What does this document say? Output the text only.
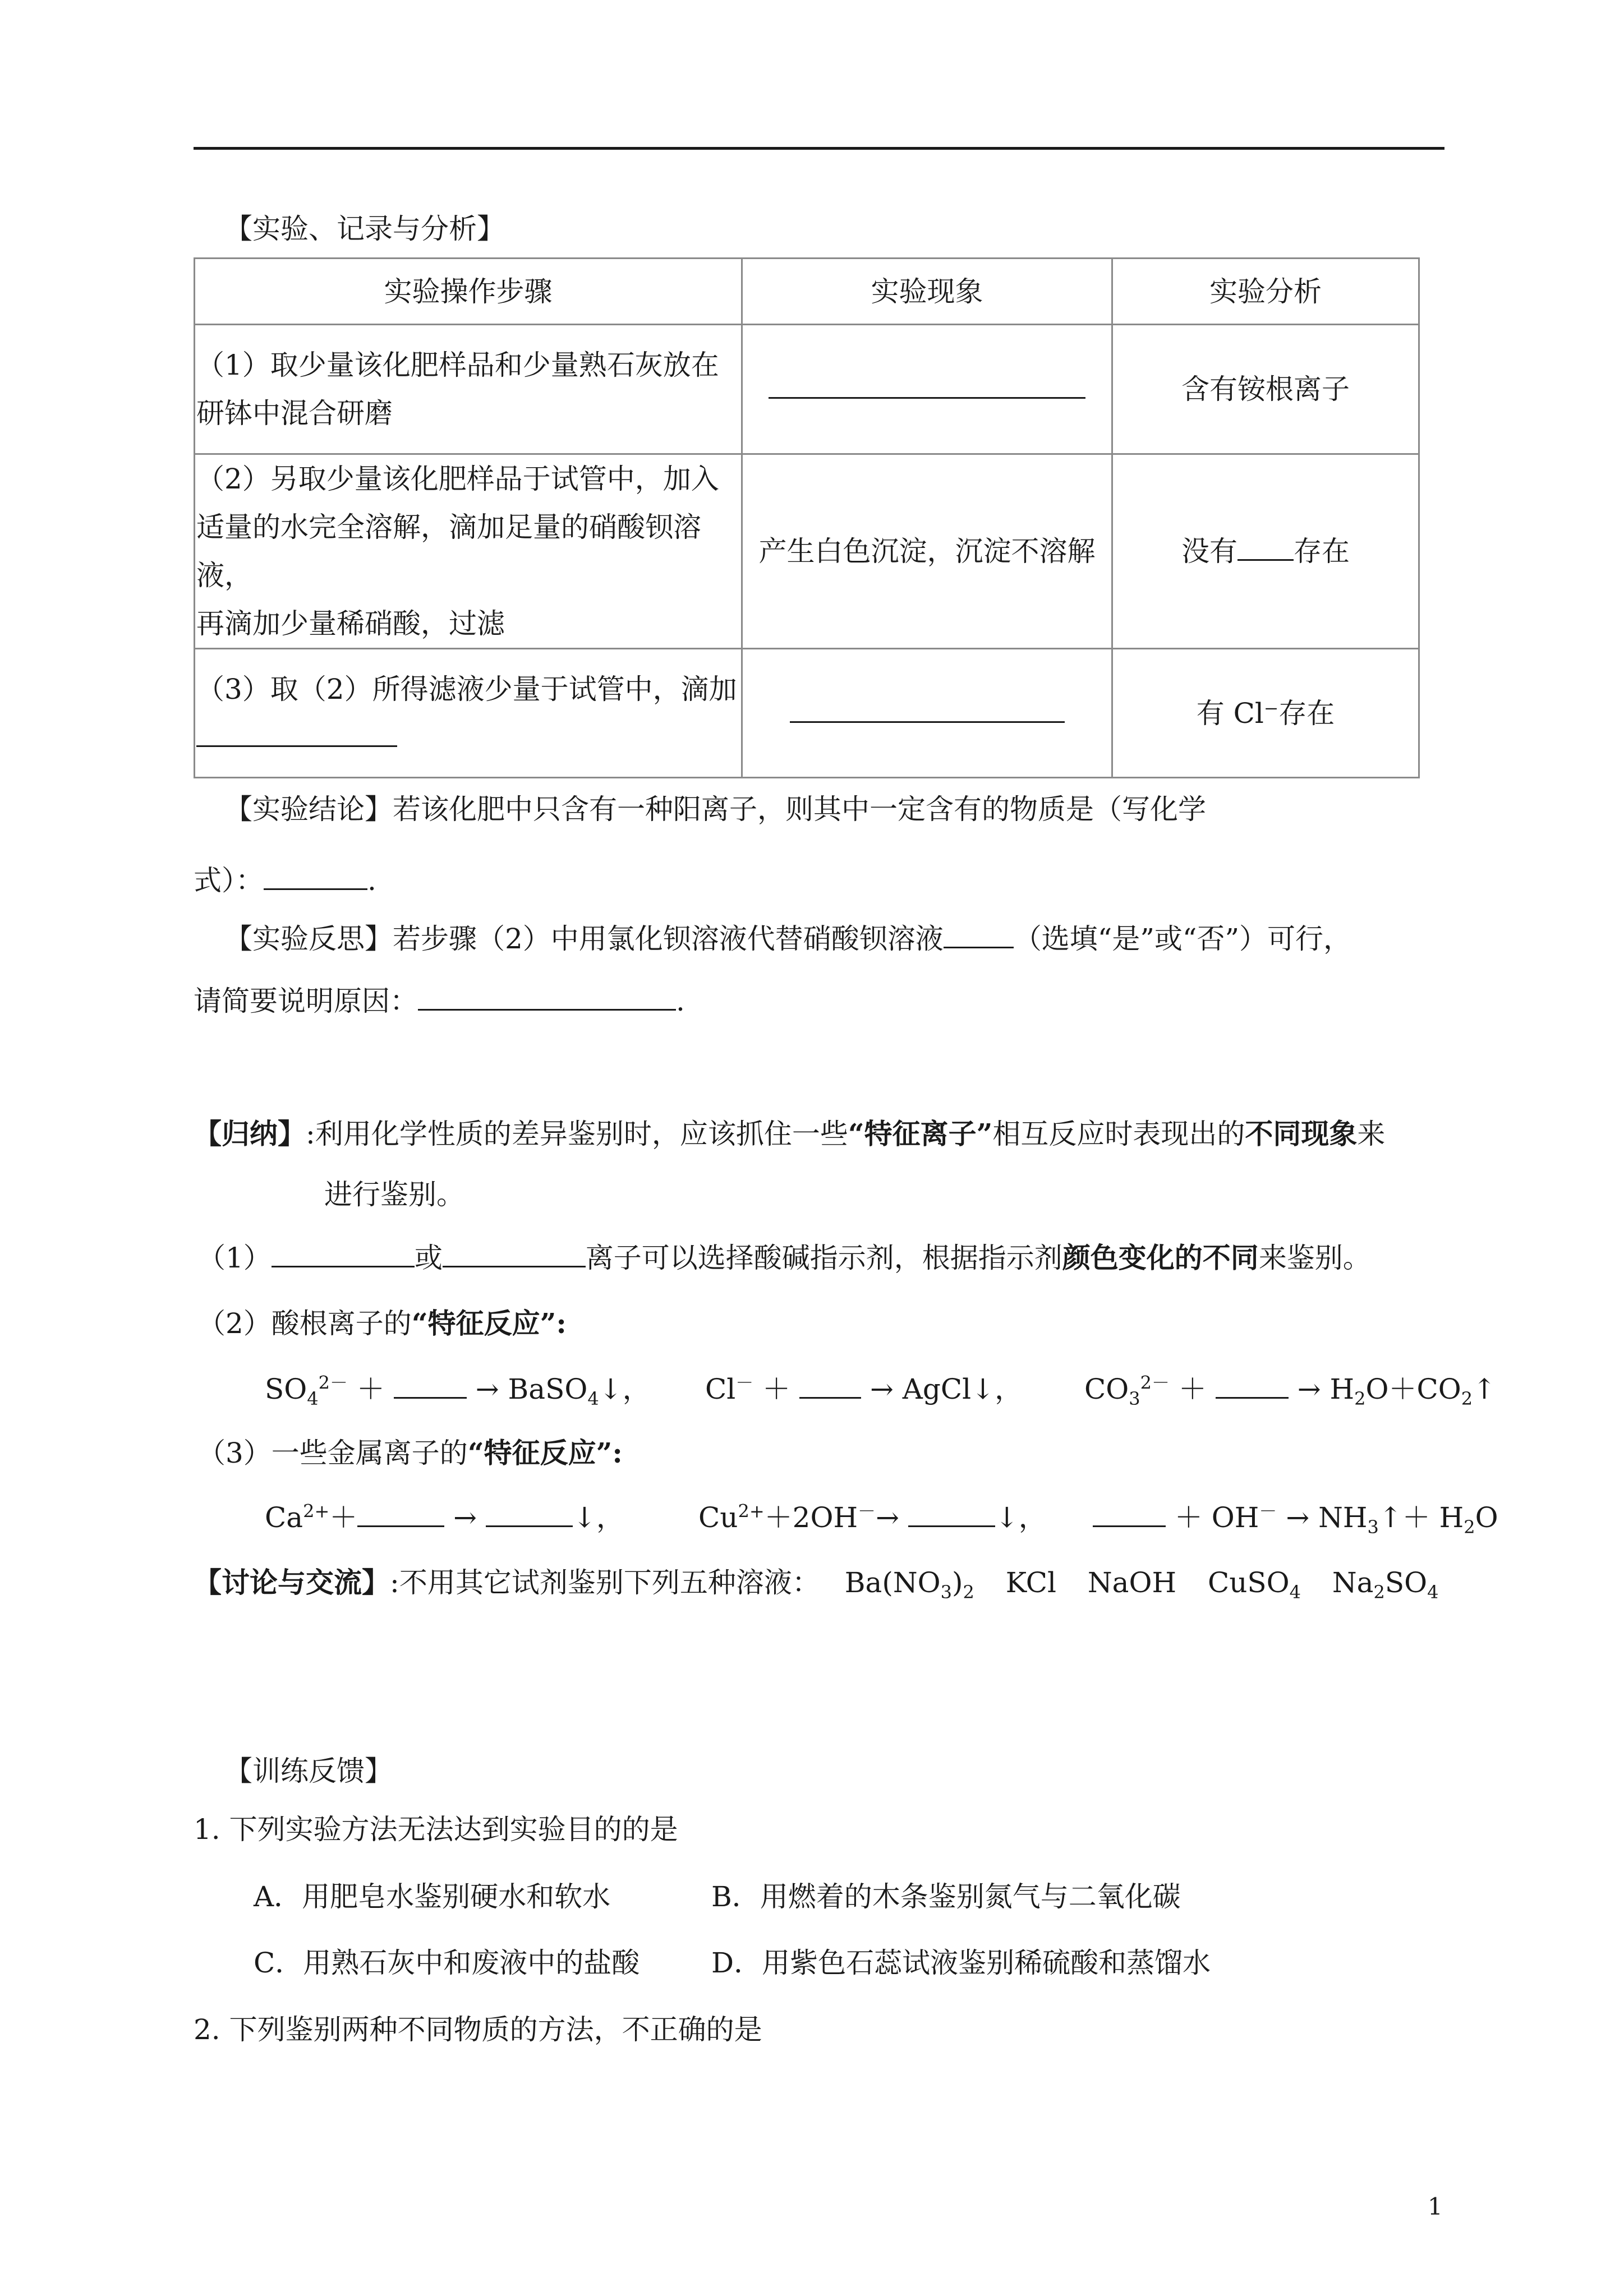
【实验、记录与分析】
实验操作步骤	实验现象	实验分析

（1）取少量该化肥样品和少量熟石灰放在
研钵中混合研磨		含有铵根离子

（2）另取少量该化肥样品于试管中，加入
适量的水完全溶解，滴加足量的硝酸钡溶液，
再滴加少量稀硝酸，过滤	产生白色沉淀，沉淀不溶解	没有 存在

（3）取（2）所得滤液少量于试管中，滴加		有 Cl⁻存在
【实验结论】若该化肥中只含有一种阳离子，则其中一定含有的物质是（写化学
式）：	.
【实验反思】若步骤（2）中用氯化钡溶液代替硝酸钡溶液	（选填“是”或“否”）可行，
请简要说明原因：	.
【归纳】:利用化学性质的差异鉴别时，应该抓住一些“特征离子”相互反应时表现出的不同现象来
进行鉴别。
（1）	或	离子可以选择酸碱指示剂，根据指示剂颜色变化的不同来鉴别。
（2）酸根离子的“特征反应”:
$SO_4^{2-}$ ＋	→ BaSO$_4$↓， Cl－ ＋	→ AgCl↓， $CO_3^{2-}$ ＋	→ $H_2O+CO_2↑$
（3）一些金属离子的“特征反应”:
$Ca^{2+}+$	→	↓，	$Cu^{2+}+2OH^-\to$	↓，	＋ $OH^- \to NH_3↑+ H_2O$
【讨论与交流】:不用其它试剂鉴别下列五种溶液： $Ba(NO_3)_2$ KCl NaOH CuSO$_4$ $Na_2SO_4$
【训练反馈】
1. 下列实验方法无法达到实验目的的是
A．用肥皂水鉴别硬水和软水	B．用燃着的木条鉴别氮气与二氧化碳
C．用熟石灰中和废液中的盐酸	D．用紫色石蕊试液鉴别稀硫酸和蒸馏水
2. 下列鉴别两种不同物质的方法，不正确的是
1
